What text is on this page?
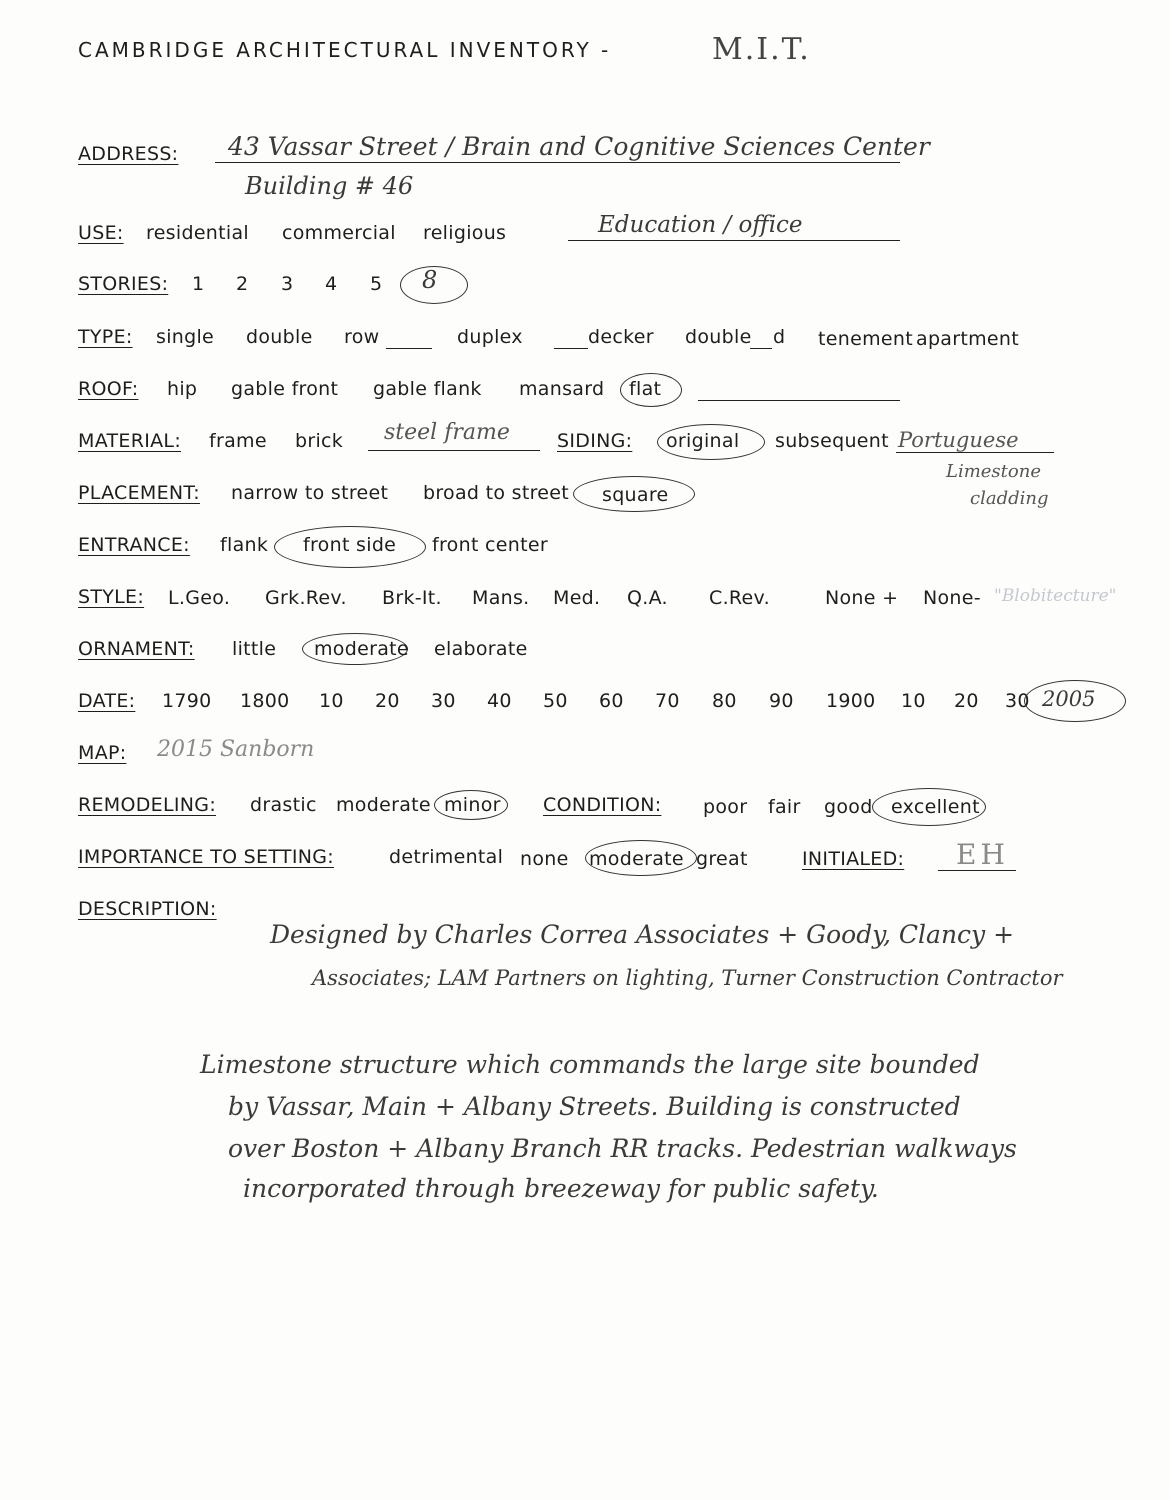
CAMBRIDGE ARCHITECTURAL INVENTORY -	M.I.T.
ADDRESS: 43 Vassar Street / Brain and Cognitive Sciences Center
Building # 46
USE: residential commercial religious	Education / office
STORIES: 1 2 3 4 5 8
TYPE: single double row	duplex	decker double d tenement apartment
ROOF: hip gable front gable flank mansard flat
MATERIAL: frame brick steel frame SIDING: original subsequent Portuguese
Limestone
cladding
PLACEMENT: narrow to street broad to street square
ENTRANCE: flank front side front center
STYLE: L.Geo. Grk.Rev. Brk-It. Mans. Med. Q.A. C.Rev.	None + None- "Blobitecture"
ORNAMENT: little moderate elaborate
DATE: 1790 1800 10 20 30 40 50 60 70 80 90 1900 10 20 30 2005
MAP: 2015 Sanborn
REMODELING: drastic moderate minor CONDITION: poor fair good excellent
IMPORTANCE TO SETTING:	detrimental none moderate great	INITIALED: EH
DESCRIPTION:
Designed by Charles Correa Associates + Goody, Clancy +
Associates; LAM Partners on lighting, Turner Construction Contractor
Limestone structure which commands the large site bounded
by Vassar, Main + Albany Streets. Building is constructed
over Boston + Albany Branch RR tracks. Pedestrian walkways
incorporated through breezeway for public safety.
